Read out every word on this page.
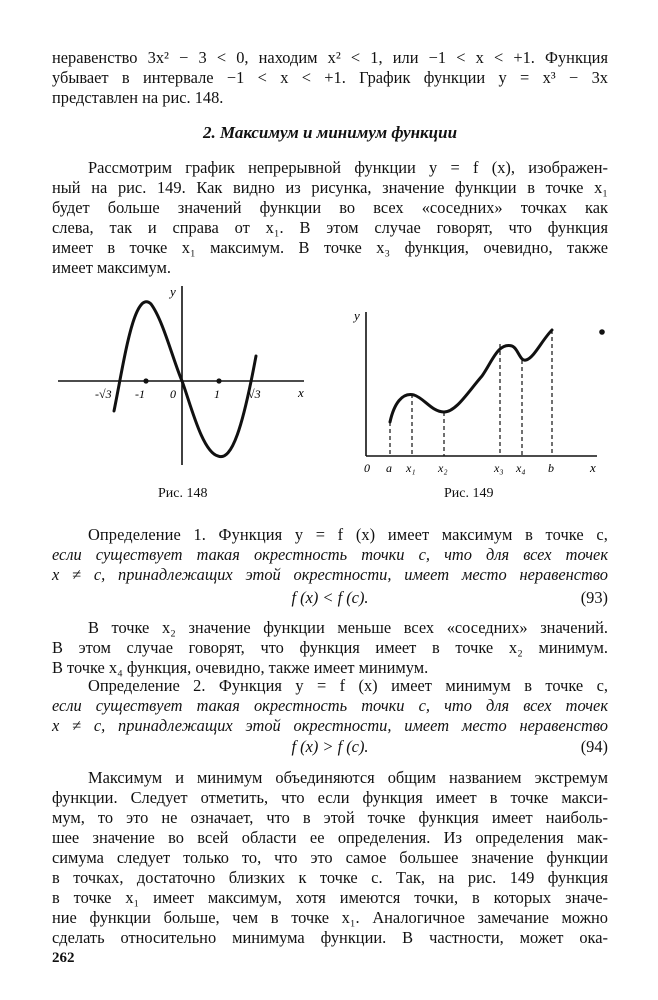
неравенство 3x² − 3 < 0, находим x² < 1, или −1 < x < +1. Функция
убывает в интервале −1 < x < +1. График функции y = x³ − 3x
представлен на рис. 148.
2. Максимум и минимум функции
Рассмотрим график непрерывной функции y = f (x), изображен-
ный на рис. 149. Как видно из рисунка, значение функции в точке x₁
будет больше значений функции во всех «соседних» точках как
слева, так и справа от x₁. В этом случае говорят, что функция
имеет в точке x₁ максимум. В точке x₃ функция, очевидно, также
имеет максимум.
-√3 -1 0	1 √3	x
y
Рис. 148
0 a x₁ x₂	x₃ x₄ b	x
y
Рис. 149
Определение 1. Функция y = f (x) имеет максимум в точке c,
если существует такая окрестность точки c, что для всех точек
x ≠ c, принадлежащих этой окрестности, имеет место неравенство
f (x) < f (c).	(93)
В точке x₂ значение функции меньше всех «соседних» значений.
В этом случае говорят, что функция имеет в точке x₂ минимум.
В точке x₄ функция, очевидно, также имеет минимум.
Определение 2. Функция y = f (x) имеет минимум в точке c,
если существует такая окрестность точки c, что для всех точек
x ≠ c, принадлежащих этой окрестности, имеет место неравенство
f (x) > f (c).	(94)
Максимум и минимум объединяются общим названием экстремум
функции. Следует отметить, что если функция имеет в точке макси-
мум, то это не означает, что в этой точке функция имеет наиболь-
шее значение во всей области ее определения. Из определения мак-
симума следует только то, что это самое большее значение функции
в точках, достаточно близких к точке c. Так, на рис. 149 функция
в точке x₁ имеет максимум, хотя имеются точки, в которых значе-
ние функции больше, чем в точке x₁. Аналогичное замечание можно
сделать относительно минимума функции. В частности, может ока-
262
